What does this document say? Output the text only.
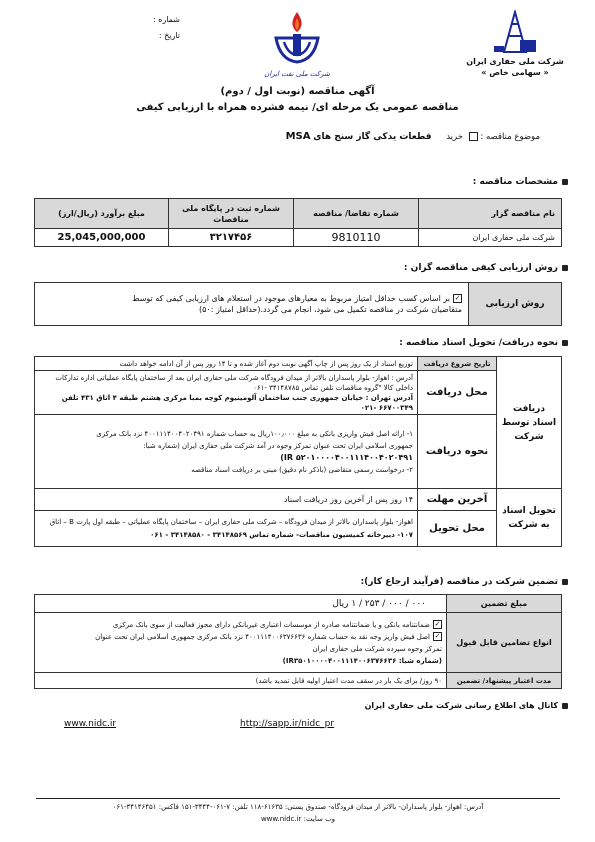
شماره :
تاریخ :
شرکت ملی نفت ایران
شرکت ملی حفاری ایران
« سهامی خاص »
آگهی مناقصه (نوبت اول / دوم)
مناقصه عمومی یک مرحله ای/ نیمه فشرده همراه با ارزیابی کیفی
موضوع مناقصه :  خرید قطعات یدکی گاز سنج های MSA
مشخصات مناقصه :
نام مناقصه گزار	شماره تقاضا/ مناقصه	شماره ثبت در پایگاه ملی مناقصات	مبلغ برآورد (ریال/ارز)
شرکت ملی حفاری ایران	9810110	۳۲۱۷۴۵۶	25,045,000,000
روش ارزیابی کیفی مناقصه گران :
روش ارزیابی	✓بر اساس کسب حداقل امتیاز مربوط به معیارهای موجود در استعلام های ارزیابی کیفی که توسط
متقاضیان شرکت در مناقصه تکمیل می شود، انجام می گردد.(حداقل امتیاز :۵۰)
نحوه دریافت/ تحویل اسناد مناقصه :
دریافت اسناد توسط شرکت	تاریخ شروع دریافت	توزیع اسناد از یک روز پس از چاپ آگهی نوبت دوم آغاز شده و تا ۱۴ روز پس از آن ادامه خواهد داشت
	محل دریافت	آدرس : اهواز- بلوار پاسداران بالاتر از میدان فرودگاه شرکت ملی حفاری ایران بعد از ساختمان پایگاه عملیاتی اداره تدارکات
داخلی کالا "گروه مناقصات تلفن تماس ۳۴۱۴۸۷۸۵ -۰۶۱
آدرس تهران : خیابان جمهوری جنب ساختمان آلومینیوم کوچه بمبا مرکزی هشتم طبقه ۴ اتاق ۴۳۱ تلفن ۶۶۷۰۰۳۴۹ -۰۲۱

	نحوه دریافت	۱- ارائه اصل فیش واریزی بانکی به مبلغ ۱۰۰٫۰۰۰ریال به حساب شماره ۴۰۰۱۱۱۴۰۰۴۰۲۰۴۹۱ نزد بانک مرکزی
جمهوری اسلامی ایران تحت عنوان تمرکز وجوه در آمد شرکت ملی حفاری ایران (شماره شبا:
IR ۵۲۰۱۰۰۰۰۴۰۰۱۱۱۴۰۰۴۰۲۰۴۹۱)
۲- درخواست رسمی متقاضی (باذکر نام دقیق) مبنی بر دریافت اسناد مناقصه

تحویل اسناد به شرکت	آخرین مهلت	۱۴ روز پس از آخرین روز دریافت اسناد
	محل تحویل	اهواز- بلوار پاسداران بالاتر از میدان فرودگاه – شرکت ملی حفاری ایران – ساختمان پایگاه عملیاتی – طبقه اول پارت B – اتاق
۱۰۷- دبیرخانه کمیسیون مناقصات- شماره تماس ۳۴۱۴۸۵۶۹ - ۳۴۱۴۸۵۸۰ - ۰۶۱
تضمین شرکت در مناقصه (فرآیند ارجاع کار):
مبلغ تضمین	۰۰۰ / ۰۰۰ / ۲۵۳ / ۱ ریال
انواع تضامین قابل قبول	✓ضمانتنامه بانکی و یا ضمانتنامه صادره از موسسات اعتباری غیربانکی دارای مجوز فعالیت از سوی بانک مرکزی
✓اصل فیش واریز وجه نقد به حساب شماره ۴۰۰۱۱۱۴۰۰۶۳۷۶۶۳۶ نزد بانک مرکزی جمهوری اسلامی ایران تحت عنوان
تمرکز وجوه سپرده شرکت ملی حفاری ایران
(شماره شبا: IR۳۵۰۱۰۰۰۰۴۰۰۱۱۱۴۰۰۶۳۷۶۶۳۶)

مدت اعتبار پیشنهاد/ تضمین	۹۰ روز/ برای یک بار در سقف مدت اعتبار اولیه قابل تمدید باشد)
کانال های اطلاع رسانی شرکت ملی حفاری ایران
www.nidc.ir	http://sapp.ir/nidc_pr
آدرس: اهواز- بلوار پاسداران- بالاتر از میدان فرودگاه- صندوق پستی: ۶۱۶۳۵-۱۱۸ تلفن: ۷-۰۶۱-۳۴۴۴-۱۵۱ فاکس: ۳۴۱۴۶۴۵۱-۰۶۱
وب سایت: www.nidc.ir
